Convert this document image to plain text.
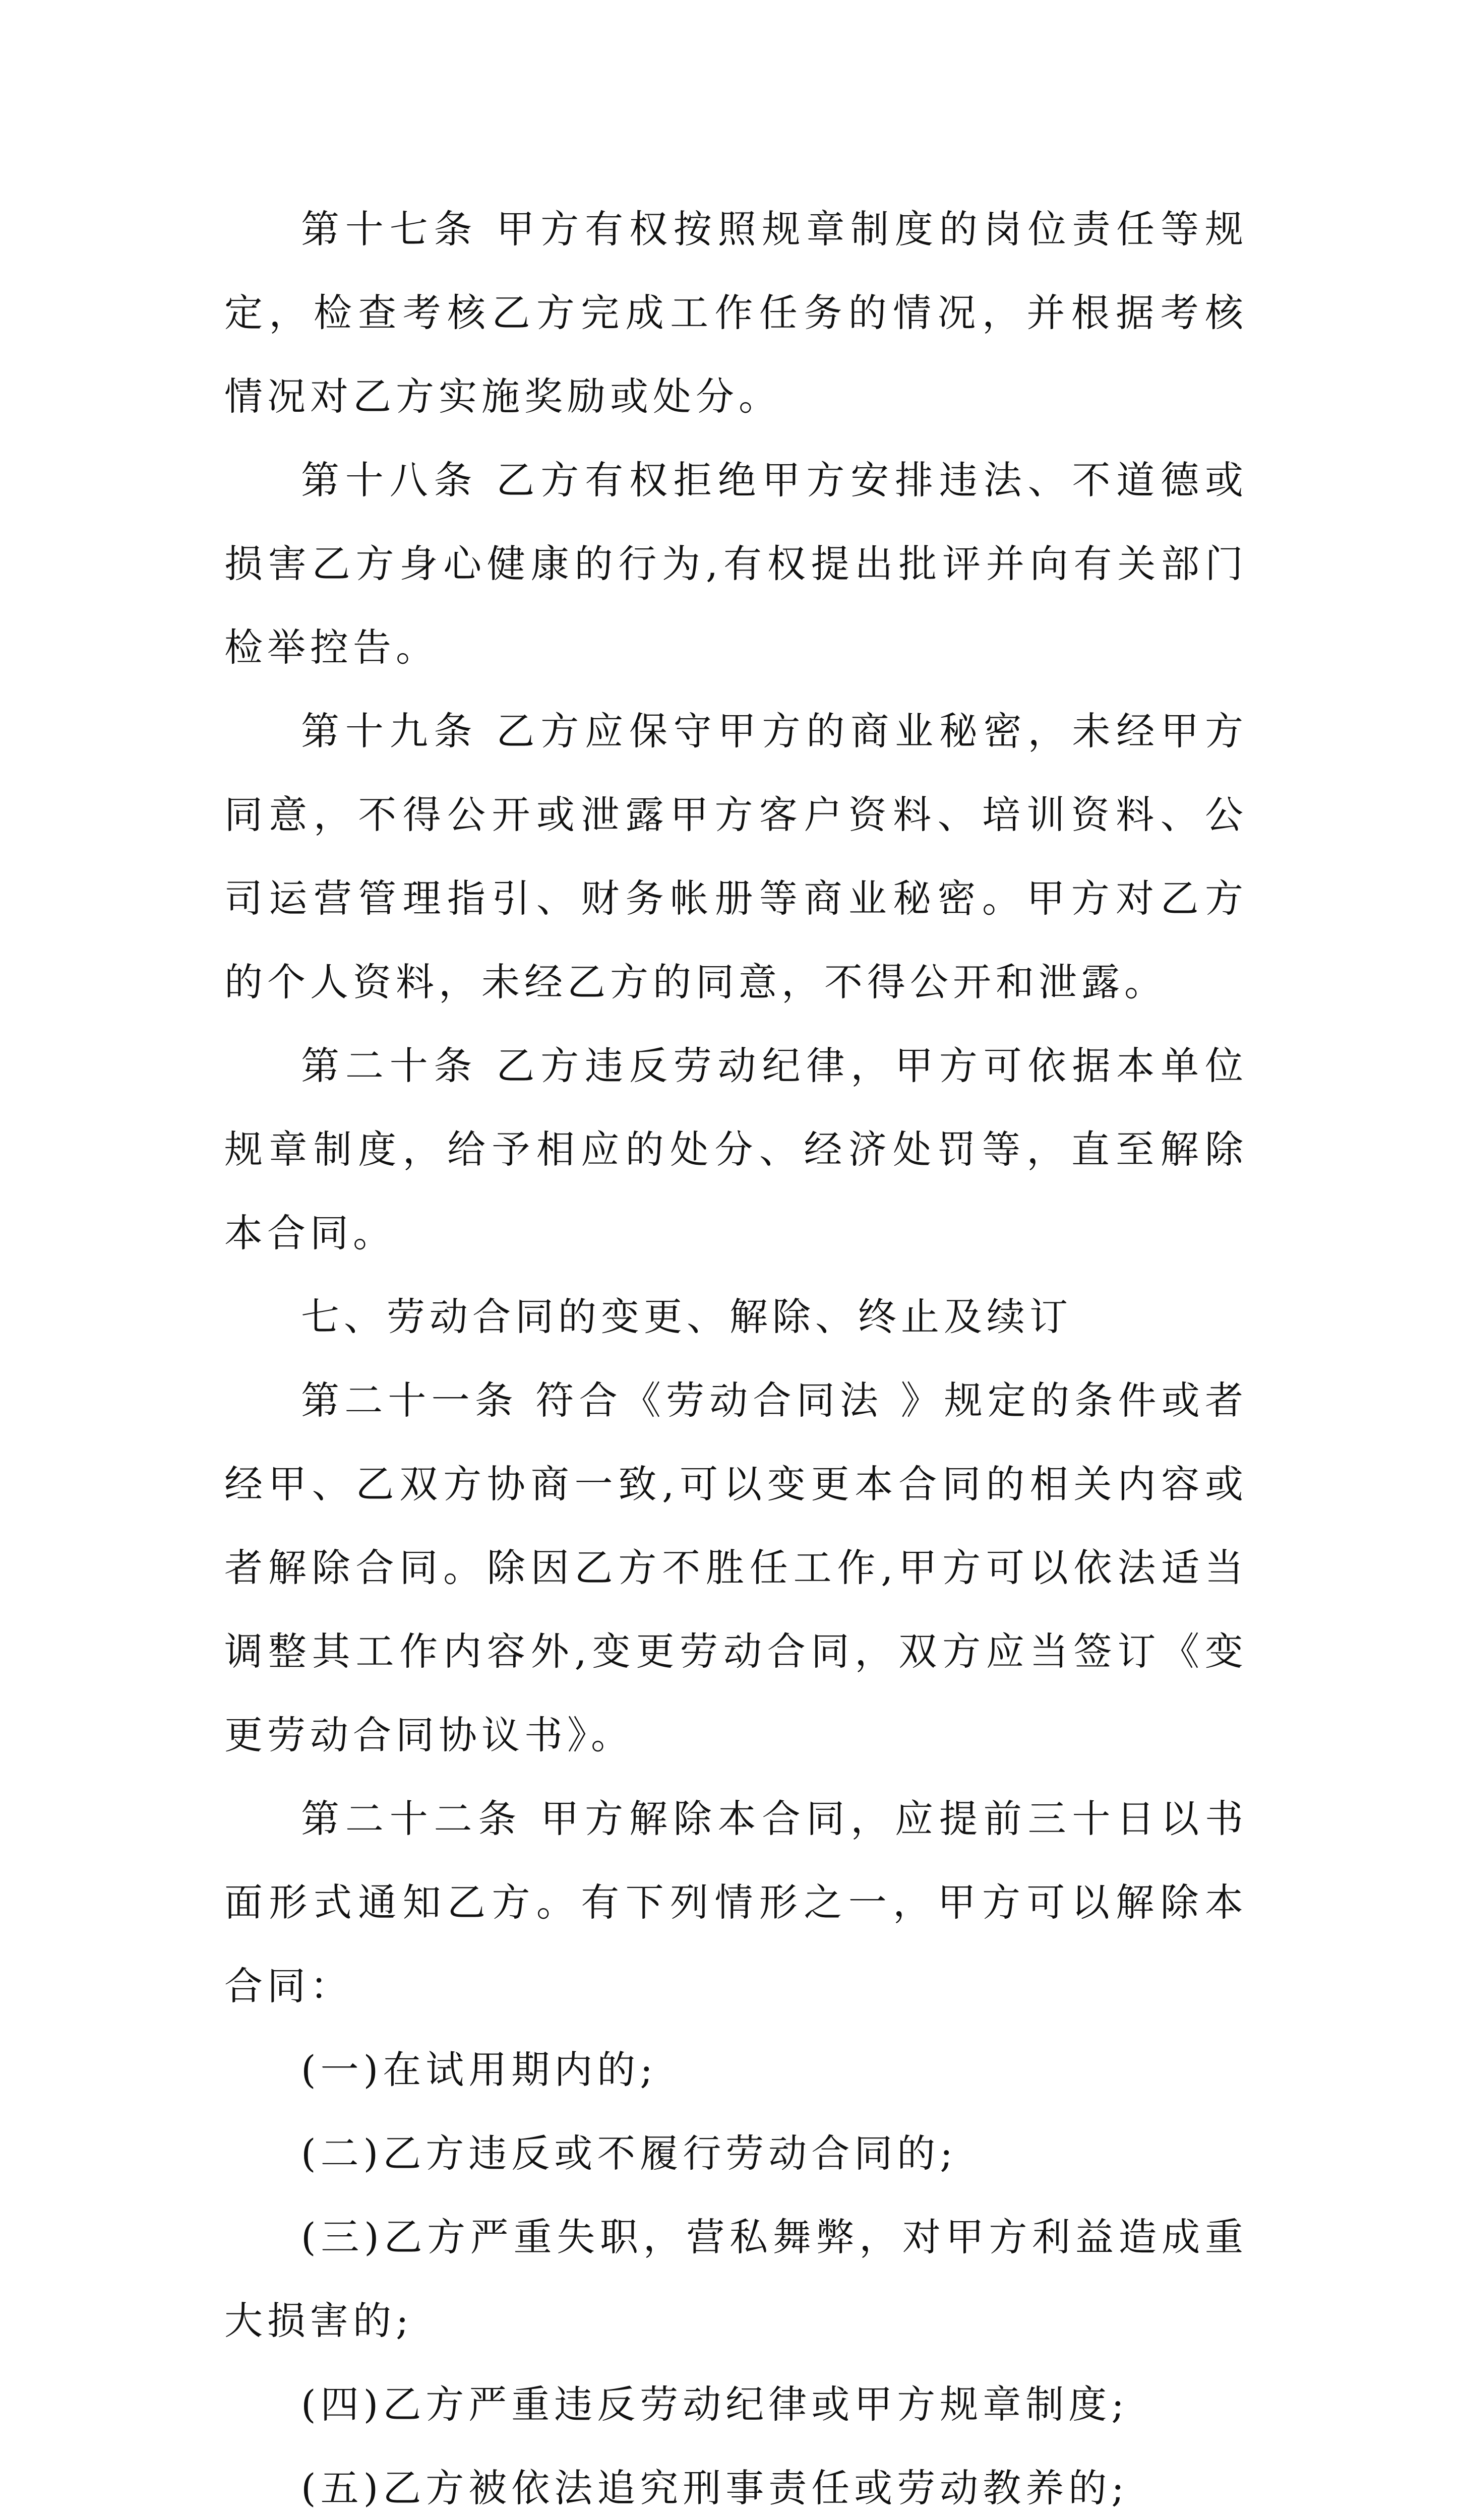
第十七条 甲方有权按照规章制度的岗位责任等规定，检查考核乙方完成工作任务的情况，并根据考核情况对乙方实施奖励或处分。

第十八条 乙方有权拒绝甲方安排违法、不道德或损害乙方身心健康的行为,有权提出批评并向有关部门检举控告。

第十九条 乙方应保守甲方的商业秘密，未经甲方同意，不得公开或泄露甲方客户资料、培训资料、公司运营管理指引、财务帐册等商业秘密。甲方对乙方的个人资料，未经乙方的同意，不得公开和泄露。

第二十条 乙方违反劳动纪律，甲方可依据本单位规章制度，给予相应的处分、经济处罚等，直至解除本合同。

七、劳动合同的变更、解除、终止及续订

第二十一条 符合《劳动合同法 》规定的条件或者经甲、乙双方协商一致,可以变更本合同的相关内容或者解除合同。除因乙方不胜任工作,甲方可以依法适当调整其工作内容外,变更劳动合同，双方应当签订《变更劳动合同协议书》。

第二十二条 甲方解除本合同，应提前三十日以书面形式通知乙方。有下列情形之一，甲方可以解除本合同：

(一)在试用期内的;

(二)乙方违反或不履行劳动合同的;

(三)乙方严重失职，营私舞弊，对甲方利益造成重大损害的;

(四)乙方严重违反劳动纪律或甲方规章制度;

(五)乙方被依法追究刑事责任或劳动教养的;
